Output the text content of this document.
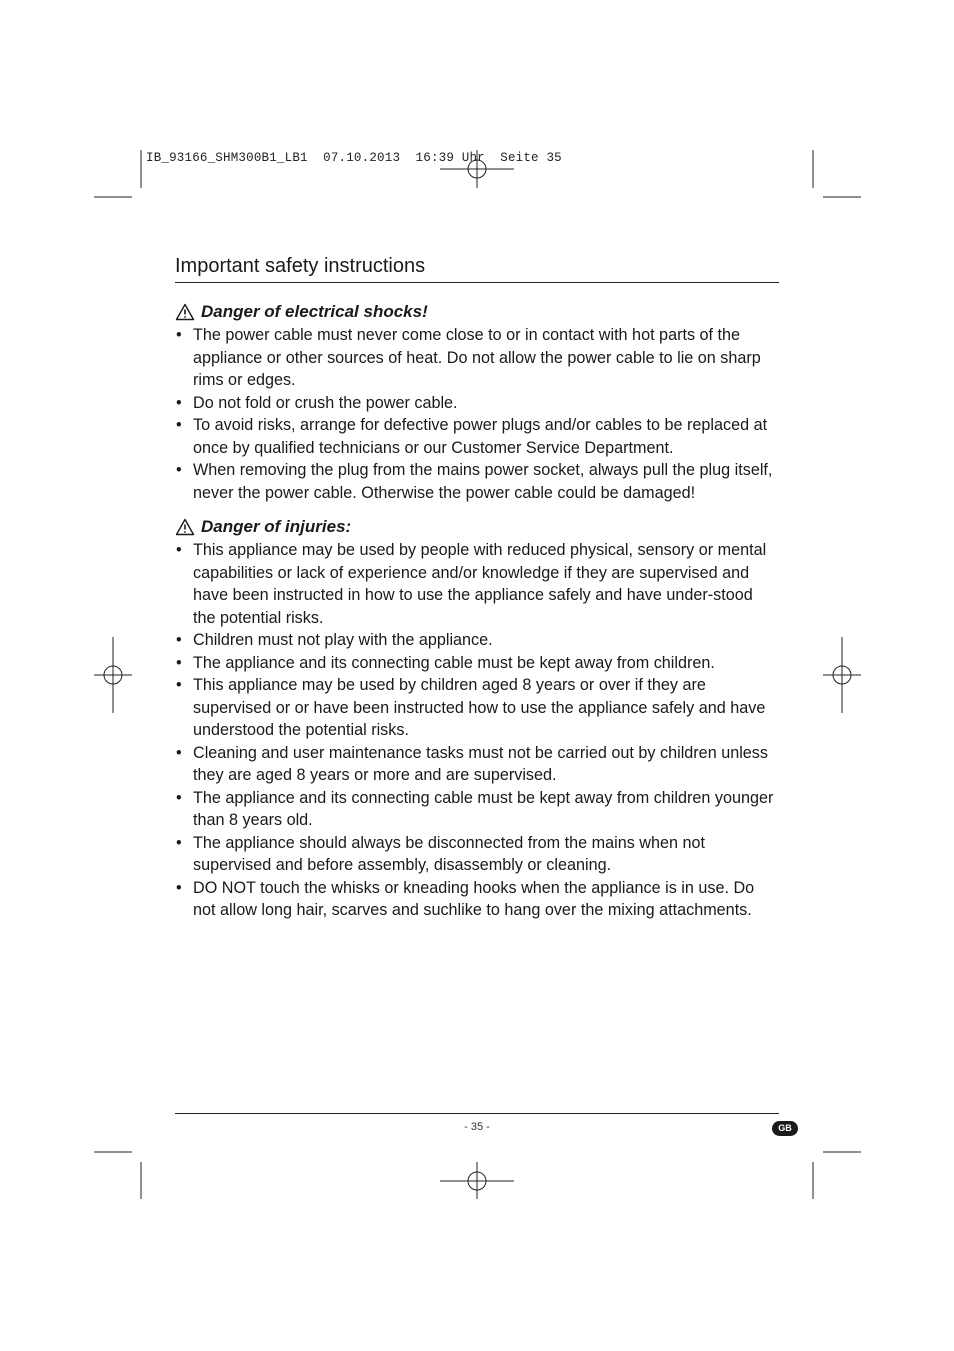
IB_93166_SHM300B1_LB1  07.10.2013  16:39 Uhr  Seite 35
Important safety instructions
Danger of electrical shocks!
• The power cable must never come close to or in contact with hot parts of the appliance or other sources of heat. Do not allow the power cable to lie on sharp rims or edges.
• Do not fold or crush the power cable.
• To avoid risks, arrange for defective power plugs and/or cables to be replaced at once by qualified technicians or our Customer Service Department.
• When removing the plug from the mains power socket, always pull the plug itself, never the power cable. Otherwise the power cable could be damaged!
Danger of injuries:
• This appliance may be used by people with reduced physical, sensory or mental capabilities or lack of experience and/or knowledge if they are supervised and have been instructed in how to use the appliance safely and have under-stood the potential risks.
• Children must not play with the appliance.
• The appliance and its connecting cable must be kept away from children.
• This appliance may be used by children aged 8 years or over if they are supervised or or have been instructed how to use the appliance safely and have understood the potential risks.
• Cleaning and user maintenance tasks must not be carried out by children unless they are aged 8 years or more and are supervised.
• The appliance and its connecting cable must be kept away from children younger than 8 years old.
• The appliance should always be disconnected from the mains when not supervised and before assembly, disassembly or cleaning.
• DO NOT touch the whisks or kneading hooks when the appliance is in use. Do not allow long hair, scarves and suchlike to hang over the mixing attachments.
- 35 -	GB
